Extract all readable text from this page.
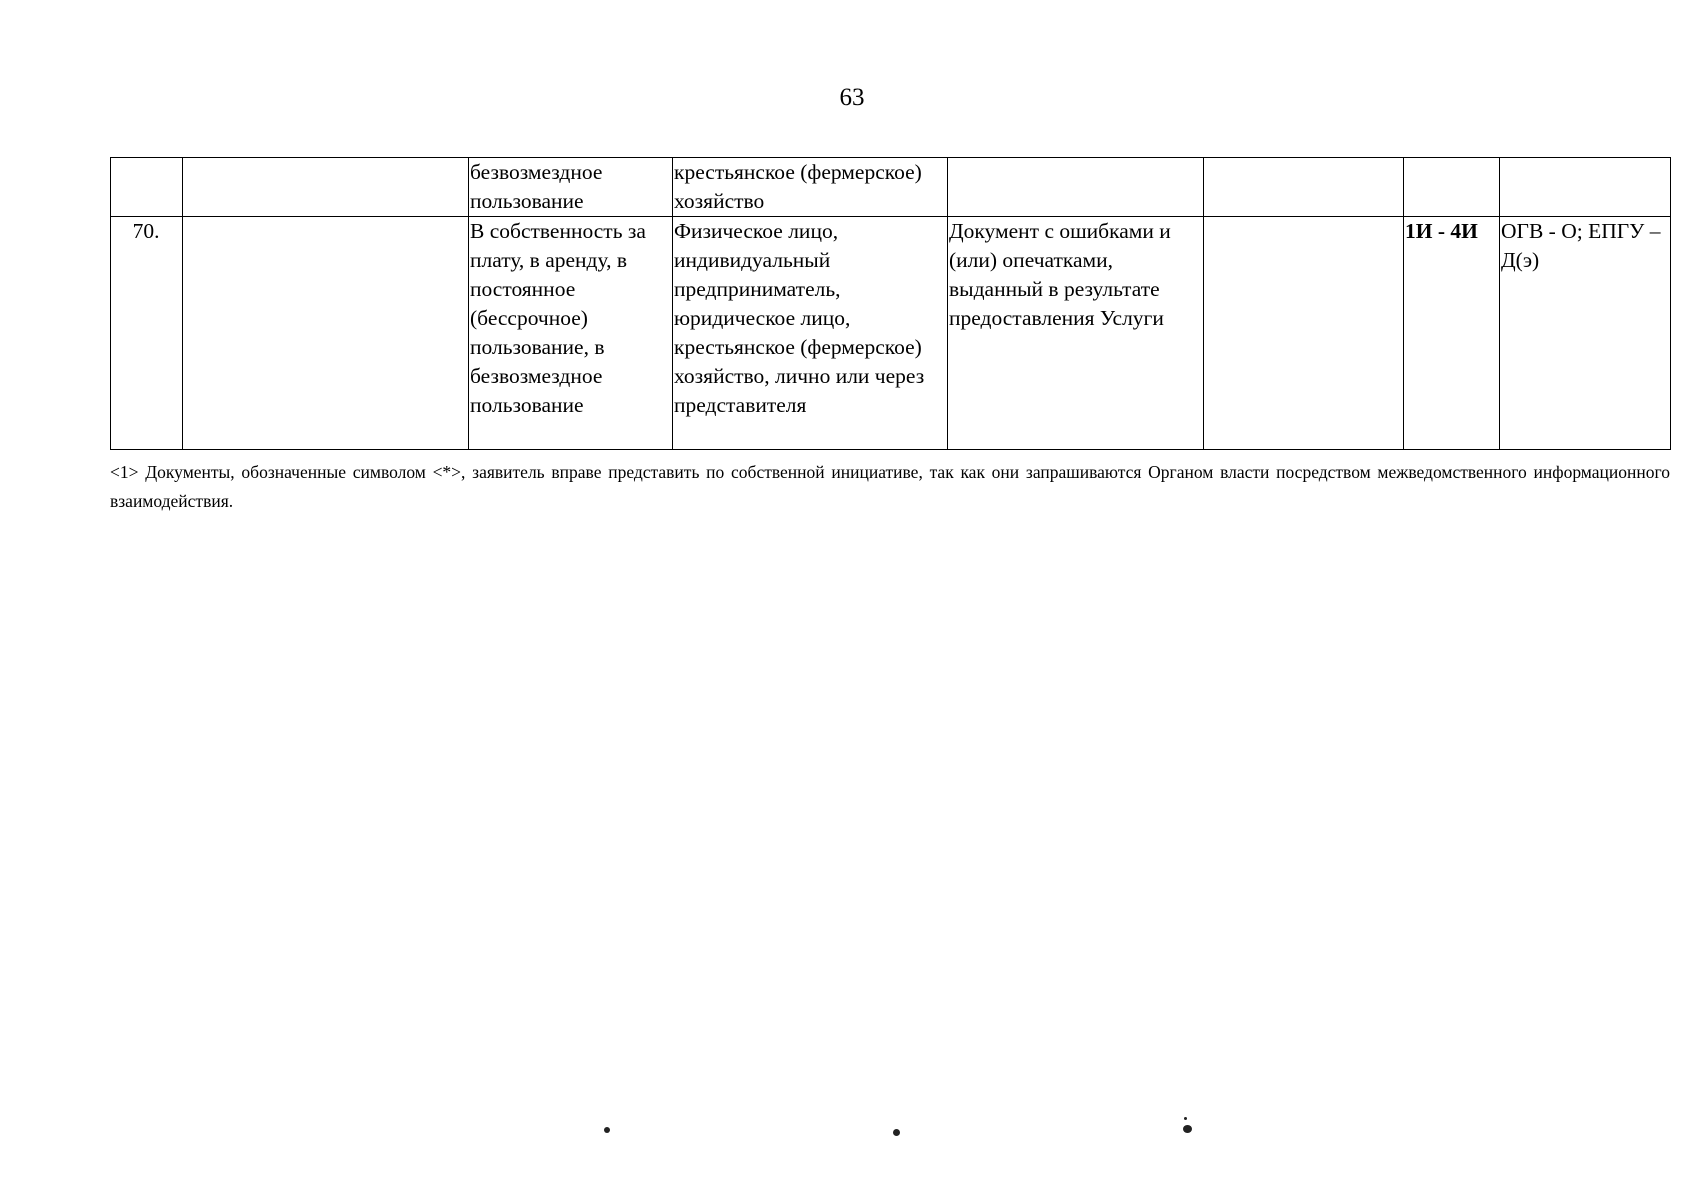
63
		безвозмездное пользование	крестьянское (фермерское) хозяйство				
70.		В собственность за плату, в аренду, в постоянное (бессрочное) пользование, в безвозмездное пользование	Физическое лицо, индивидуальный предприниматель, юридическое лицо, крестьянское (фермерское) хозяйство, лично или через представителя	Документ с ошибками и (или) опечатками, выданный в результате предоставления Услуги		1И - 4И	ОГВ - О; ЕПГУ – Д(э)
<1> Документы, обозначенные символом <*>, заявитель вправе представить по собственной инициативе, так как они запрашиваются Органом власти посредством межведомственного информационного взаимодействия.
